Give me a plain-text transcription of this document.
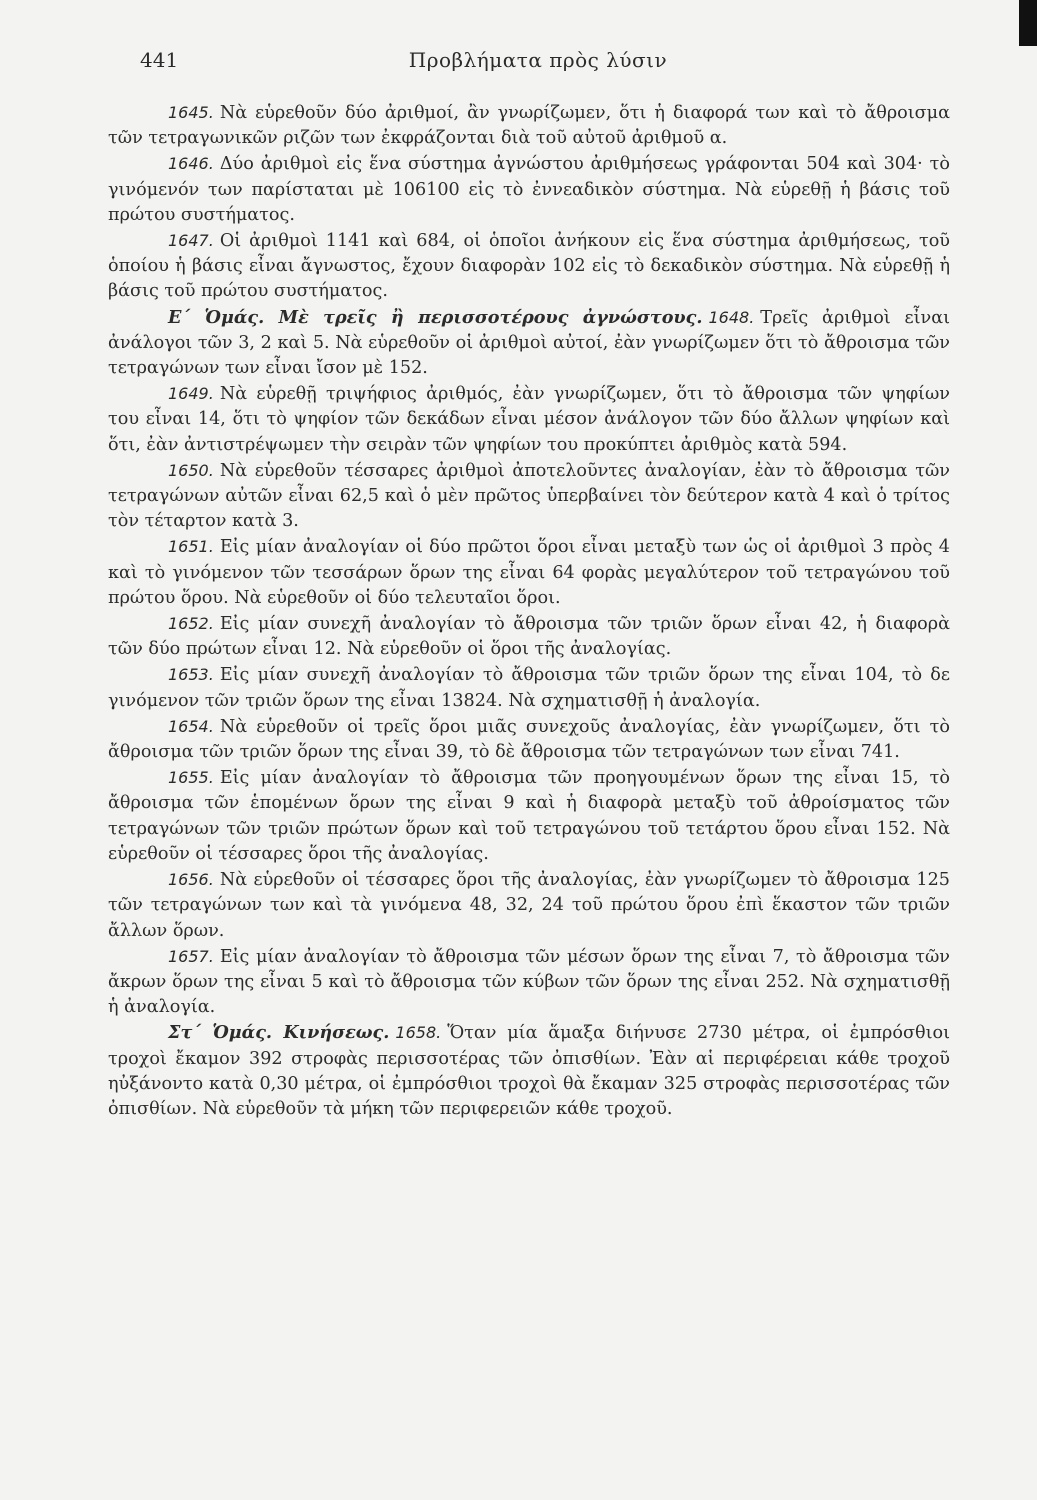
441	Προβλήματα πρὸς λύσιν

1645. Νὰ εὑρεθοῦν δύο ἀριθμοί, ἂν γνωρίζωμεν, ὅτι ἡ διαφορά των καὶ τὸ ἄθροισμα τῶν τετραγωνικῶν ριζῶν των ἐκφράζονται διὰ τοῦ αὐτοῦ ἀριθμοῦ α.

1646. Δύο ἀριθμοὶ εἰς ἕνα σύστημα ἀγνώστου ἀριθμήσεως γράφονται 504 καὶ 304· τὸ γινόμενόν των παρίσταται μὲ 106100 εἰς τὸ ἐννεαδικὸν σύστημα. Νὰ εὑρεθῇ ἡ βάσις τοῦ πρώτου συστήματος.

1647. Οἱ ἀριθμοὶ 1141 καὶ 684, οἱ ὁποῖοι ἀνήκουν εἰς ἕνα σύστημα ἀριθμήσεως, τοῦ ὁποίου ἡ βάσις εἶναι ἄγνωστος, ἔχουν διαφορὰν 102 εἰς τὸ δεκαδικὸν σύστημα. Νὰ εὑρεθῇ ἡ βάσις τοῦ πρώτου συστήματος.

Ε΄ Ὁμάς. Μὲ τρεῖς ἢ περισσοτέρους ἀγνώστους. 1648. Τρεῖς ἀριθμοὶ εἶναι ἀνάλογοι τῶν 3, 2 καὶ 5. Νὰ εὑρεθοῦν οἱ ἀριθμοὶ αὐτοί, ἐὰν γνωρίζωμεν ὅτι τὸ ἄθροισμα τῶν τετραγώνων των εἶναι ἴσον μὲ 152.

1649. Νὰ εὑρεθῇ τριψήφιος ἀριθμός, ἐὰν γνωρίζωμεν, ὅτι τὸ ἄθροισμα τῶν ψηφίων του εἶναι 14, ὅτι τὸ ψηφίον τῶν δεκάδων εἶναι μέσον ἀνάλογον τῶν δύο ἄλλων ψηφίων καὶ ὅτι, ἐὰν ἀντιστρέψωμεν τὴν σειρὰν τῶν ψηφίων του προκύπτει ἀριθμὸς κατὰ 594.

1650. Νὰ εὑρεθοῦν τέσσαρες ἀριθμοὶ ἀποτελοῦντες ἀναλογίαν, ἐὰν τὸ ἄθροισμα τῶν τετραγώνων αὐτῶν εἶναι 62,5 καὶ ὁ μὲν πρῶτος ὑπερβαίνει τὸν δεύτερον κατὰ 4 καὶ ὁ τρίτος τὸν τέταρτον κατὰ 3.

1651. Εἰς μίαν ἀναλογίαν οἱ δύο πρῶτοι ὅροι εἶναι μεταξὺ των ὡς οἱ ἀριθμοὶ 3 πρὸς 4 καὶ τὸ γινόμενον τῶν τεσσάρων ὅρων της εἶναι 64 φορὰς μεγαλύτερον τοῦ τετραγώνου τοῦ πρώτου ὅρου. Νὰ εὑρεθοῦν οἱ δύο τελευταῖοι ὅροι.

1652. Εἰς μίαν συνεχῆ ἀναλογίαν τὸ ἄθροισμα τῶν τριῶν ὅρων εἶναι 42, ἡ διαφορὰ τῶν δύο πρώτων εἶναι 12. Νὰ εὑρεθοῦν οἱ ὅροι τῆς ἀναλογίας.

1653. Εἰς μίαν συνεχῆ ἀναλογίαν τὸ ἄθροισμα τῶν τριῶν ὅρων της εἶναι 104, τὸ δε γινόμενον τῶν τριῶν ὅρων της εἶναι 13824. Νὰ σχηματισθῇ ἡ ἀναλογία.

1654. Νὰ εὑρεθοῦν οἱ τρεῖς ὅροι μιᾶς συνεχοῦς ἀναλογίας, ἐὰν γνωρίζωμεν, ὅτι τὸ ἄθροισμα τῶν τριῶν ὅρων της εἶναι 39, τὸ δὲ ἄθροισμα τῶν τετραγώνων των εἶναι 741.

1655. Εἰς μίαν ἀναλογίαν τὸ ἄθροισμα τῶν προηγουμένων ὅρων της εἶναι 15, τὸ ἄθροισμα τῶν ἑπομένων ὅρων της εἶναι 9 καὶ ἡ διαφορὰ μεταξὺ τοῦ ἀθροίσματος τῶν τετραγώνων τῶν τριῶν πρώτων ὅρων καὶ τοῦ τετραγώνου τοῦ τετάρτου ὅρου εἶναι 152. Νὰ εὑρεθοῦν οἱ τέσσαρες ὅροι τῆς ἀναλογίας.

1656. Νὰ εὑρεθοῦν οἱ τέσσαρες ὅροι τῆς ἀναλογίας, ἐὰν γνωρίζωμεν τὸ ἄθροισμα 125 τῶν τετραγώνων των καὶ τὰ γινόμενα 48, 32, 24 τοῦ πρώτου ὅρου ἐπὶ ἕκαστον τῶν τριῶν ἄλλων ὅρων.

1657. Εἰς μίαν ἀναλογίαν τὸ ἄθροισμα τῶν μέσων ὅρων της εἶναι 7, τὸ ἄθροισμα τῶν ἄκρων ὅρων της εἶναι 5 καὶ τὸ ἄθροισμα τῶν κύβων τῶν ὅρων της εἶναι 252. Νὰ σχηματισθῇ ἡ ἀναλογία.

Στ΄ Ὁμάς. Κινήσεως. 1658. Ὅταν μία ἅμαξα διήνυσε 2730 μέτρα, οἱ ἐμπρόσθιοι τροχοὶ ἔκαμον 392 στροφὰς περισσοτέρας τῶν ὀπισθίων. Ἐὰν αἱ περιφέρειαι κάθε τροχοῦ ηὐξάνοντο κατὰ 0,30 μέτρα, οἱ ἐμπρόσθιοι τροχοὶ θὰ ἔκαμαν 325 στροφὰς περισσοτέρας τῶν ὀπισθίων. Νὰ εὑρεθοῦν τὰ μήκη τῶν περιφερειῶν κάθε τροχοῦ.
